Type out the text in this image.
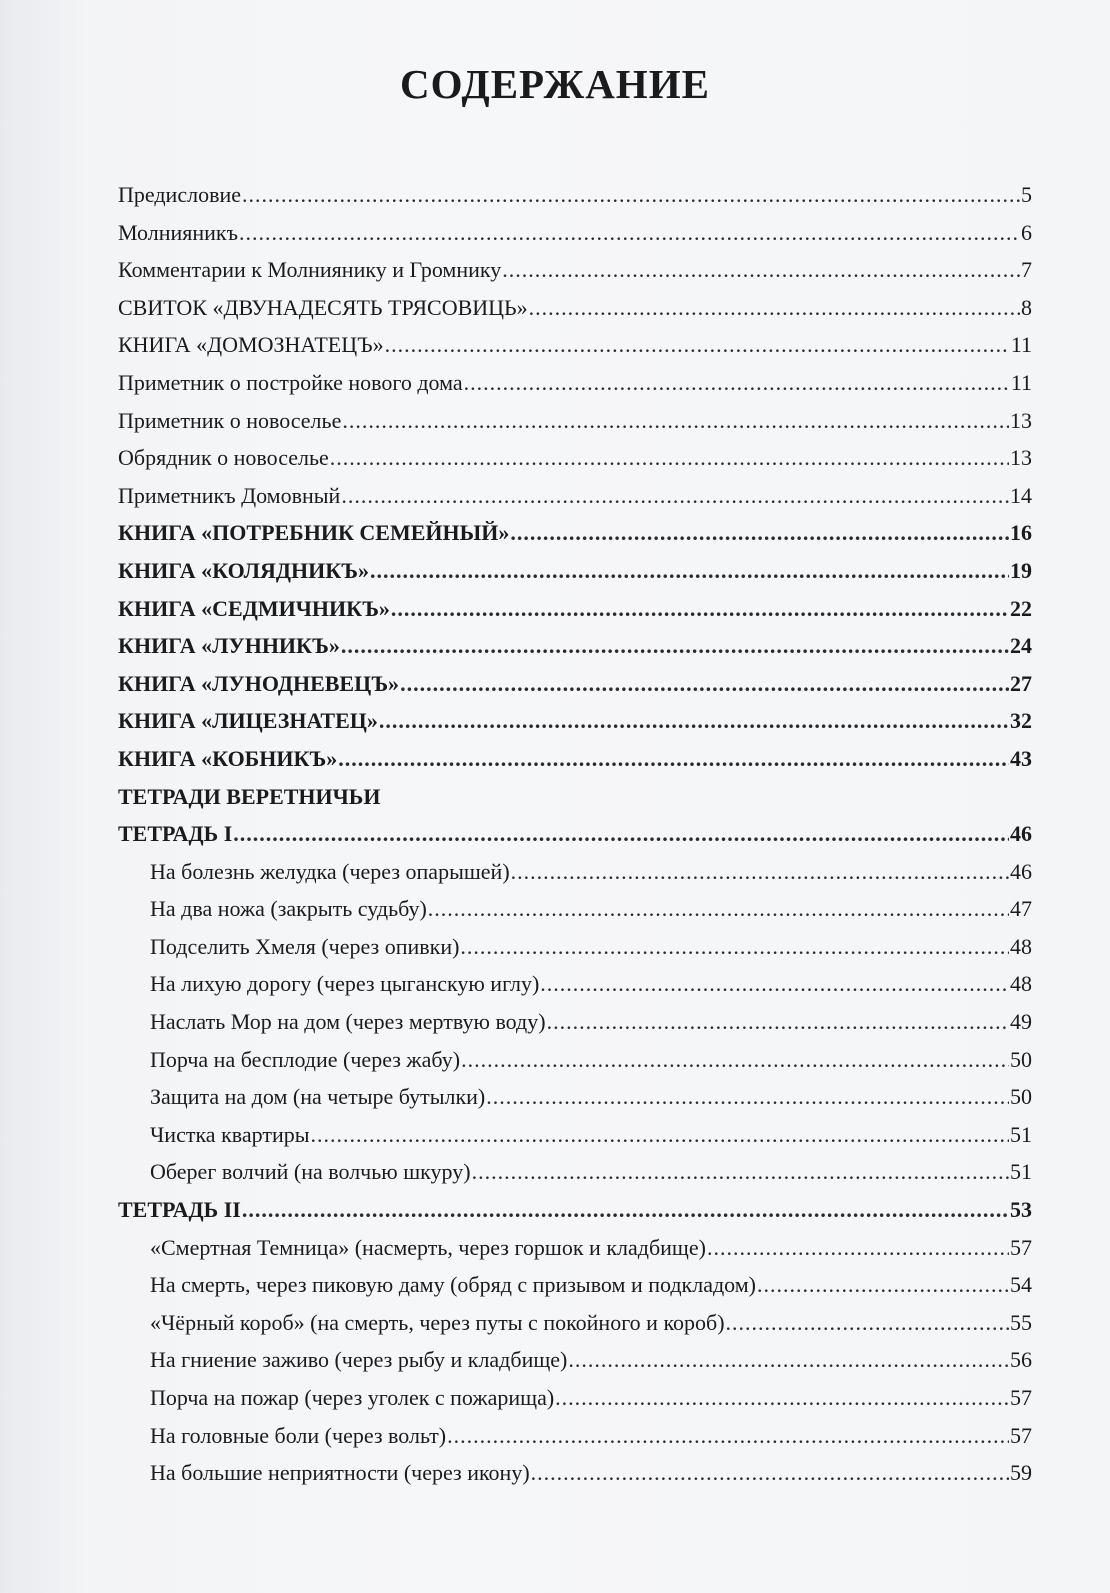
СОДЕРЖАНИЕ
Предисловие .....	5
Молнияникъ .....	6
Комментарии к Молниянику и Громнику .....	7
СВИТОК «ДВУНАДЕСЯТЬ ТРЯСОВИЦЬ» .....	8
КНИГА «ДОМОЗНАТЕЦЪ» .....	11
Приметник о постройке нового дома .....	11
Приметник о новоселье .....	13
Обрядник о новоселье .....	13
Приметникъ Домовный .....	14
КНИГА «ПОТРЕБНИК СЕМЕЙНЫЙ» .....	16
КНИГА «КОЛЯДНИКЪ» .....	19
КНИГА «СЕДМИЧНИКЪ» .....	22
КНИГА «ЛУННИКЪ» .....	24
КНИГА «ЛУНОДНЕВЕЦЪ» .....	27
КНИГА «ЛИЦЕЗНАТЕЦ» .....	32
КНИГА «КОБНИКЪ» .....	43
ТЕТРАДИ ВЕРЕТНИЧЬИ
ТЕТРАДЬ I .....	46
На болезнь желудка (через опарышей) .....	46
На два ножа (закрыть судьбу) .....	47
Подселить Хмеля (через опивки) .....	48
На лихую дорогу (через цыганскую иглу) .....	48
Наслать Мор на дом (через мертвую воду) .....	49
Порча на бесплодие (через жабу) .....	50
Защита на дом (на четыре бутылки) .....	50
Чистка квартиры .....	51
Оберег волчий (на волчью шкуру) .....	51
ТЕТРАДЬ II .....	53
«Смертная Темница» (насмерть, через горшок и кладбище) .....	57
На смерть, через пиковую даму (обряд с призывом и подкладом) .....	54
«Чёрный короб» (на смерть, через путы с покойного и короб) .....	55
На гниение заживо (через рыбу и кладбище) .....	56
Порча на пожар (через уголек с пожарища) .....	57
На головные боли (через вольт) .....	57
На большие неприятности (через икону) .....	59
